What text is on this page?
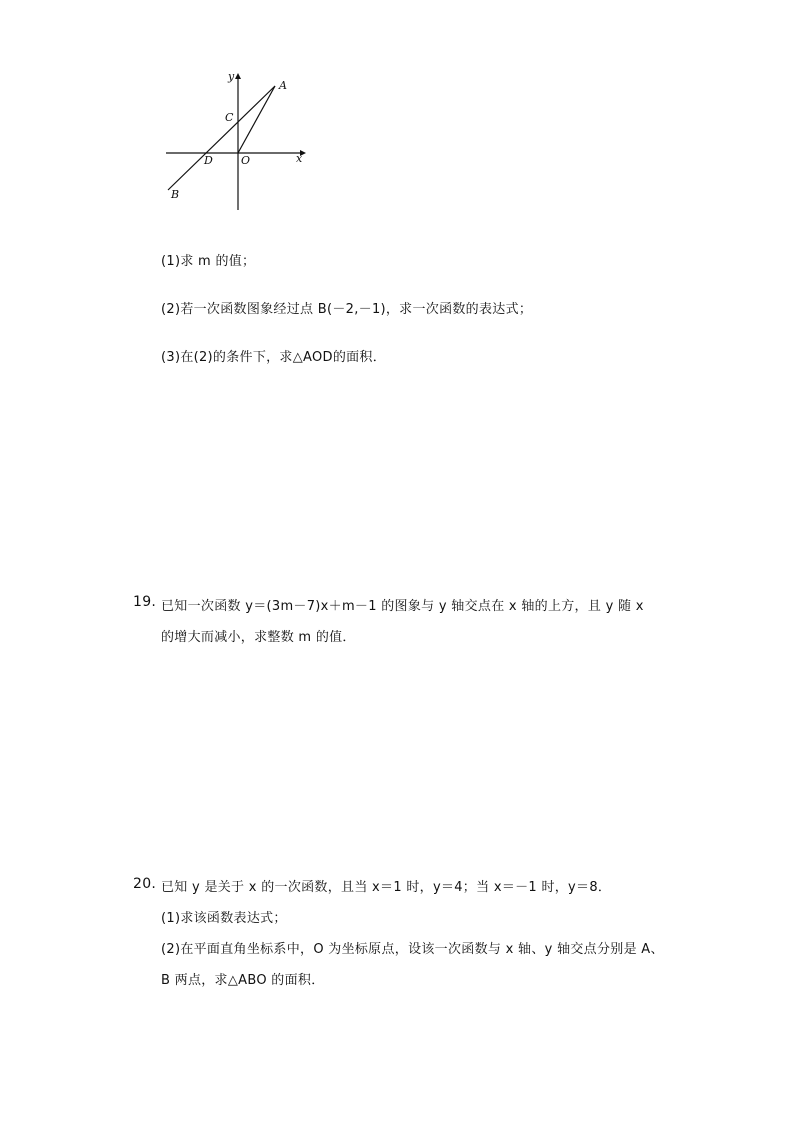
y
x
A
B
C
D	O
(1)求 m 的值；
(2)若一次函数图象经过点 B(－2,－1)，求一次函数的表达式；
(3)在(2)的条件下，求△AOD的面积．
19. 已知一次函数 y＝(3m－7)x＋m－1 的图象与 y 轴交点在 x 轴的上方，且 y 随 x
的增大而减小，求整数 m 的值．
20. 已知 y 是关于 x 的一次函数，且当 x＝1 时，y＝4；当 x＝－1 时，y＝8．
(1)求该函数表达式；
(2)在平面直角坐标系中，O 为坐标原点，设该一次函数与 x 轴、y 轴交点分别是 A、
B 两点，求△ABO 的面积．
